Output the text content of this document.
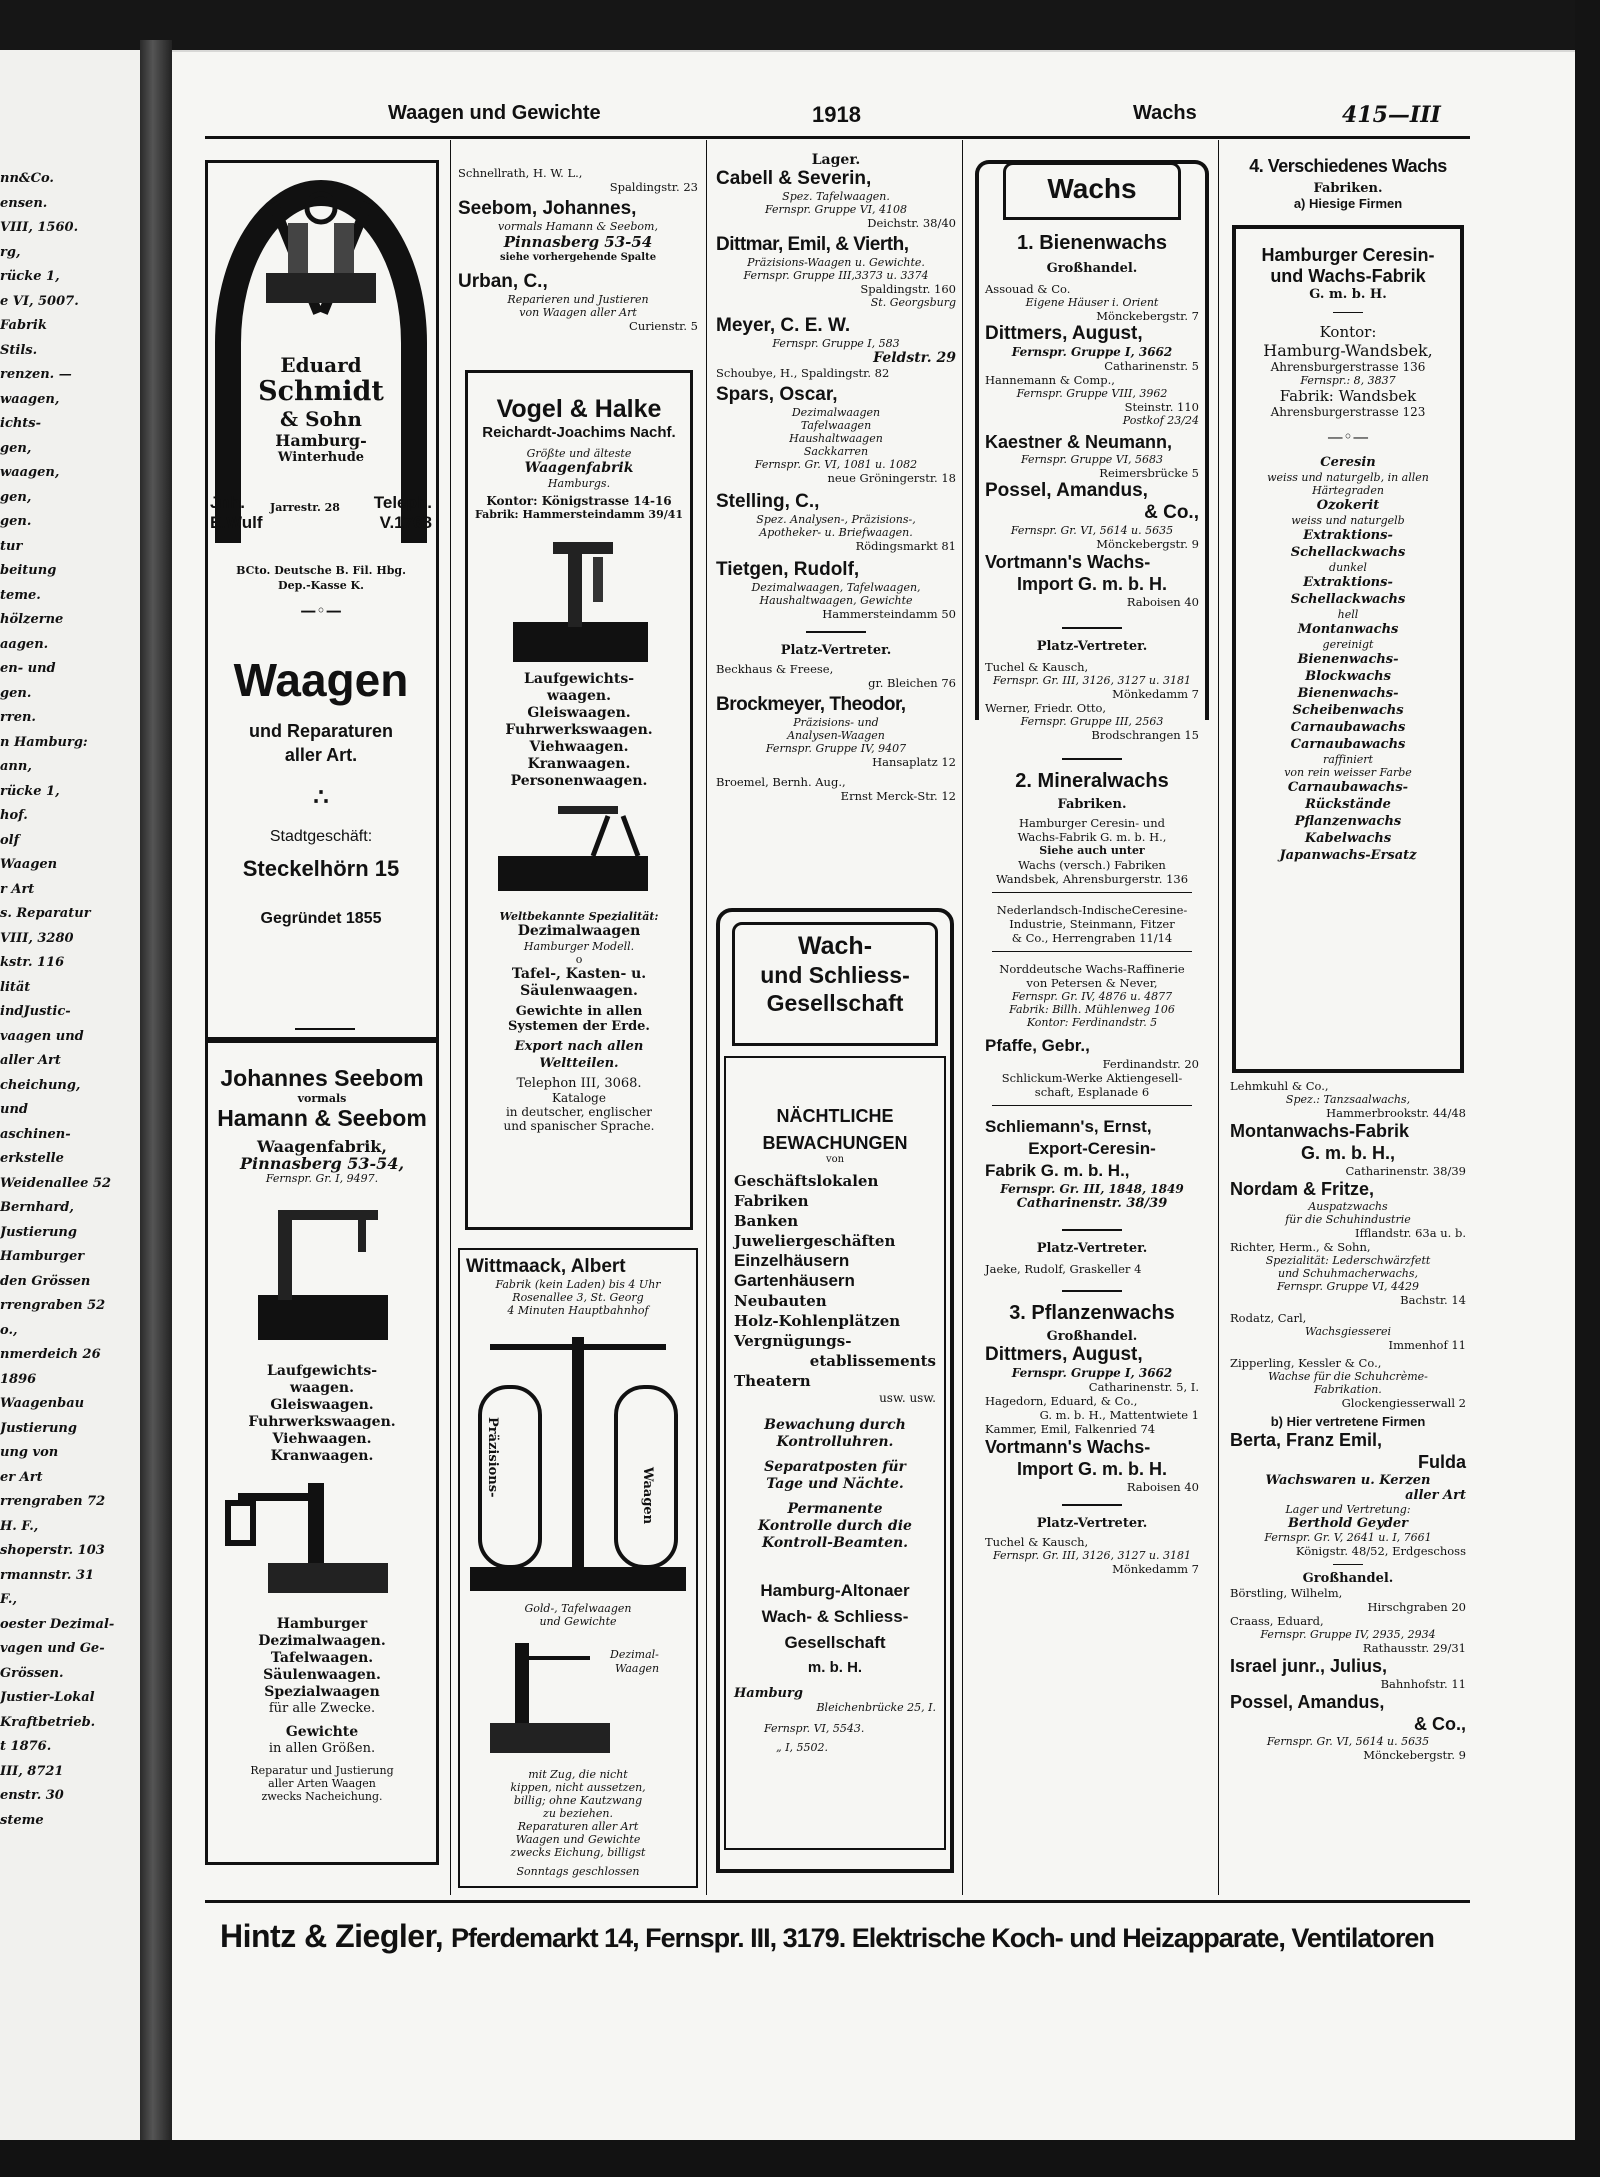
nn&Co.
ensen.
VIII, 1560.
rg,
rücke 1,
e VI, 5007.
Fabrik
Stils.
renzen. —
waagen,
ichts-
gen,
waagen,
gen,
gen.
tur
beitung
teme.
hölzerne
aagen.
en- und
gen.
rren.
n Hamburg:
ann,
rücke 1,
hof.
olf
Waagen
r Art
s. Reparatur
VIII, 3280
kstr. 116
lität
indJustic-
vaagen und
aller Art
cheichung,
und
aschinen-
erkstelle
Weidenallee 52
Bernhard,
Justierung
Hamburger
den Grössen
rrengraben 52
o.,
nmerdeich 26
1896
Waagenbau
Justierung
ung von
er Art
rrengraben 72
H. F.,
shoperstr. 103
rmannstr. 31
F.,
oester Dezimal-
vagen und Ge-
Grössen.
Justier-Lokal
Kraftbetrieb.
t 1876.
III, 8721
enstr. 30
steme
Waagen und Gewichte	1918	Wachs	415—III
Eduard
Schmidt
& Sohn
Hamburg-
Winterhude
Jnh.
E.Wulf
Jarrestr. 28 Teleph.
V.1768
BCto. Deutsche B. Fil. Hbg.
Dep.-Kasse K.
—◦—
Waagen
und Reparaturen
aller Art.
∴
Stadtgeschäft:
Steckelhörn 15
Gegründet 1855
Johannes Seebom
vormals
Hamann & Seebom
Waagenfabrik,
Pinnasberg 53-54,
Fernspr. Gr. I, 9497.
Laufgewichts-
waagen.
Gleiswaagen.
Fuhrwerkswaagen.
Viehwaagen.
Kranwaagen.
Hamburger
Dezimalwaagen.
Tafelwaagen.
Säulenwaagen.
Spezialwaagen
für alle Zwecke.
Gewichte
in allen Größen.
Reparatur und Justierung
aller Arten Waagen
zwecks Nacheichung.
Schnellrath, H. W. L.,
Spaldingstr. 23
Seebom, Johannes,
vormals Hamann & Seebom,
Pinnasberg 53-54
siehe vorhergehende Spalte
Urban, C.,
Reparieren und Justieren
von Waagen aller Art
Curienstr. 5
Vogel & Halke
Reichardt-Joachims Nachf.
Größte und älteste
Waagenfabrik
Hamburgs.
Kontor: Königstrasse 14-16
Fabrik: Hammersteindamm 39/41
Laufgewichts-
waagen.
Gleiswaagen.
Fuhrwerkswaagen.
Viehwaagen.
Kranwaagen.
Personenwaagen.
Weltbekannte Spezialität:
Dezimalwaagen
Hamburger Modell.
o
Tafel-, Kasten- u.
Säulenwaagen.
Gewichte in allen
Systemen der Erde.
Export nach allen
Weltteilen.
Telephon III, 3068.
Kataloge
in deutscher, englischer
und spanischer Sprache.
Wittmaack, Albert
Fabrik (kein Laden) bis 4 Uhr
Rosenallee 3, St. Georg
4 Minuten Hauptbahnhof
Präzisions-	Waagen
Gold-, Tafelwaagen
und Gewichte
Dezimal-
Waagen
mit Zug, die nicht
kippen, nicht aussetzen,
billig; ohne Kautzwang
zu beziehen.
Reparaturen aller Art
Waagen und Gewichte
zwecks Eichung, billigst
Sonntags geschlossen
Lager.
Cabell & Severin,
Spez. Tafelwaagen.
Fernspr. Gruppe VI, 4108
Deichstr. 38/40
Dittmar, Emil, & Vierth,
Präzisions-Waagen u. Gewichte.
Fernspr. Gruppe III,3373 u. 3374
Spaldingstr. 160
St. Georgsburg
Meyer, C. E. W.
Fernspr. Gruppe I, 583
Feldstr. 29
Schoubye, H., Spaldingstr. 82
Spars, Oscar,
Dezimalwaagen
Tafelwaagen
Haushaltwaagen
Sackkarren
Fernspr. Gr. VI, 1081 u. 1082
neue Gröningerstr. 18
Stelling, C.,
Spez. Analysen-, Präzisions-,
Apotheker- u. Briefwaagen.
Rödingsmarkt 81
Tietgen, Rudolf,
Dezimalwaagen, Tafelwaagen,
Haushaltwaagen, Gewichte
Hammersteindamm 50
Platz-Vertreter.
Beckhaus & Freese,
gr. Bleichen 76
Brockmeyer, Theodor,
Präzisions- und
Analysen-Waagen
Fernspr. Gruppe IV, 9407
Hansaplatz 12
Broemel, Bernh. Aug.,
Ernst Merck-Str. 12
Wach-
und Schliess-
Gesellschaft
NÄCHTLICHE
BEWACHUNGEN
von
Geschäftslokalen
Fabriken
Banken
Juweliergeschäften
Einzelhäusern
Gartenhäusern
Neubauten
Holz-Kohlenplätzen
Vergnügungs-
etablissements
Theatern
usw. usw.
Bewachung durch
Kontrolluhren.
Separatposten für
Tage und Nächte.
Permanente
Kontrolle durch die
Kontroll-Beamten.
Hamburg-Altonaer
Wach- & Schliess-
Gesellschaft
m. b. H.
Hamburg
Bleichenbrücke 25, I.
Fernspr. VI, 5543.
„ I, 5502.
Wachs
1. Bienenwachs
Großhandel.
Assouad & Co.
Eigene Häuser i. Orient
Mönckebergstr. 7
Dittmers, August,
Fernspr. Gruppe I, 3662
Catharinenstr. 5
Hannemann & Comp.,
Fernspr. Gruppe VIII, 3962
Steinstr. 110
Postkof 23/24
Kaestner & Neumann,
Fernspr. Gruppe VI, 5683
Reimersbrücke 5
Possel, Amandus,
& Co.,
Fernspr. Gr. VI, 5614 u. 5635
Mönckebergstr. 9
Vortmann's Wachs-
Import G. m. b. H.
Raboisen 40
Platz-Vertreter.
Tuchel & Kausch,
Fernspr. Gr. III, 3126, 3127 u. 3181
Mönkedamm 7
Werner, Friedr. Otto,
Fernspr. Gruppe III, 2563
Brodschrangen 15
2. Mineralwachs
Fabriken.
Hamburger Ceresin- und
Wachs-Fabrik G. m. b. H.,
Siehe auch unter
Wachs (versch.) Fabriken
Wandsbek, Ahrensburgerstr. 136
Nederlandsch-IndischeCeresine-
Industrie, Steinmann, Fitzer
& Co., Herrengraben 11/14
Norddeutsche Wachs-Raffinerie
von Petersen & Never,
Fernspr. Gr. IV, 4876 u. 4877
Fabrik: Billh. Mühlenweg 106
Kontor: Ferdinandstr. 5
Pfaffe, Gebr.,
Ferdinandstr. 20
Schlickum-Werke Aktiengesell-
schaft, Esplanade 6
Schliemann's, Ernst,
Export-Ceresin-
Fabrik G. m. b. H.,
Fernspr. Gr. III, 1848, 1849
Catharinenstr. 38/39
Platz-Vertreter.
Jaeke, Rudolf, Graskeller 4
3. Pflanzenwachs
Großhandel.
Dittmers, August,
Fernspr. Gruppe I, 3662
Catharinenstr. 5, I.
Hagedorn, Eduard, & Co.,
G. m. b. H., Mattentwiete 1
Kammer, Emil, Falkenried 74
Vortmann's Wachs-
Import G. m. b. H.
Raboisen 40
Platz-Vertreter.
Tuchel & Kausch,
Fernspr. Gr. III, 3126, 3127 u. 3181
Mönkedamm 7
4. Verschiedenes Wachs
Fabriken.
a) Hiesige Firmen
Hamburger Ceresin-
und Wachs-Fabrik
G. m. b. H.
Kontor:
Hamburg-Wandsbek,
Ahrensburgerstrasse 136
Fernspr.: 8, 3837
Fabrik: Wandsbek
Ahrensburgerstrasse 123
—◦—
Ceresin
weiss und naturgelb, in allen
Härtegraden
Ozokerit
weiss und naturgelb
Extraktions-
Schellackwachs
dunkel
Extraktions-
Schellackwachs
hell
Montanwachs
gereinigt
Bienenwachs-
Blockwachs
Bienenwachs-
Scheibenwachs
Carnaubawachs
Carnaubawachs
raffiniert
von rein weisser Farbe
Carnaubawachs-
Rückstände
Pflanzenwachs
Kabelwachs
Japanwachs-Ersatz
Lehmkuhl & Co.,
Spez.: Tanzsaalwachs,
Hammerbrookstr. 44/48
Montanwachs-Fabrik
G. m. b. H.,
Catharinenstr. 38/39
Nordam & Fritze,
Auspatzwachs
für die Schuhindustrie
Ifflandstr. 63a u. b.
Richter, Herm., & Sohn,
Spezialität: Lederschwärzfett
und Schuhmacherwachs,
Fernspr. Gruppe VI, 4429
Bachstr. 14
Rodatz, Carl,
Wachsgiesserei
Immenhof 11
Zipperling, Kessler & Co.,
Wachse für die Schuhcrème-
Fabrikation.
Glockengiesserwall 2
b) Hier vertretene Firmen
Berta, Franz Emil,
Fulda
Wachswaren u. Kerzen
aller Art
Lager und Vertretung:
Berthold Geyder
Fernspr. Gr. V, 2641 u. I, 7661
Königstr. 48/52, Erdgeschoss
Großhandel.
Börstling, Wilhelm,
Hirschgraben 20
Craass, Eduard,
Fernspr. Gruppe IV, 2935, 2934
Rathausstr. 29/31
Israel junr., Julius,
Bahnhofstr. 11
Possel, Amandus,
& Co.,
Fernspr. Gr. VI, 5614 u. 5635
Mönckebergstr. 9
Hintz & Ziegler, Pferdemarkt 14, Fernspr. III, 3179. Elektrische Koch- und Heizapparate, Ventilatoren
